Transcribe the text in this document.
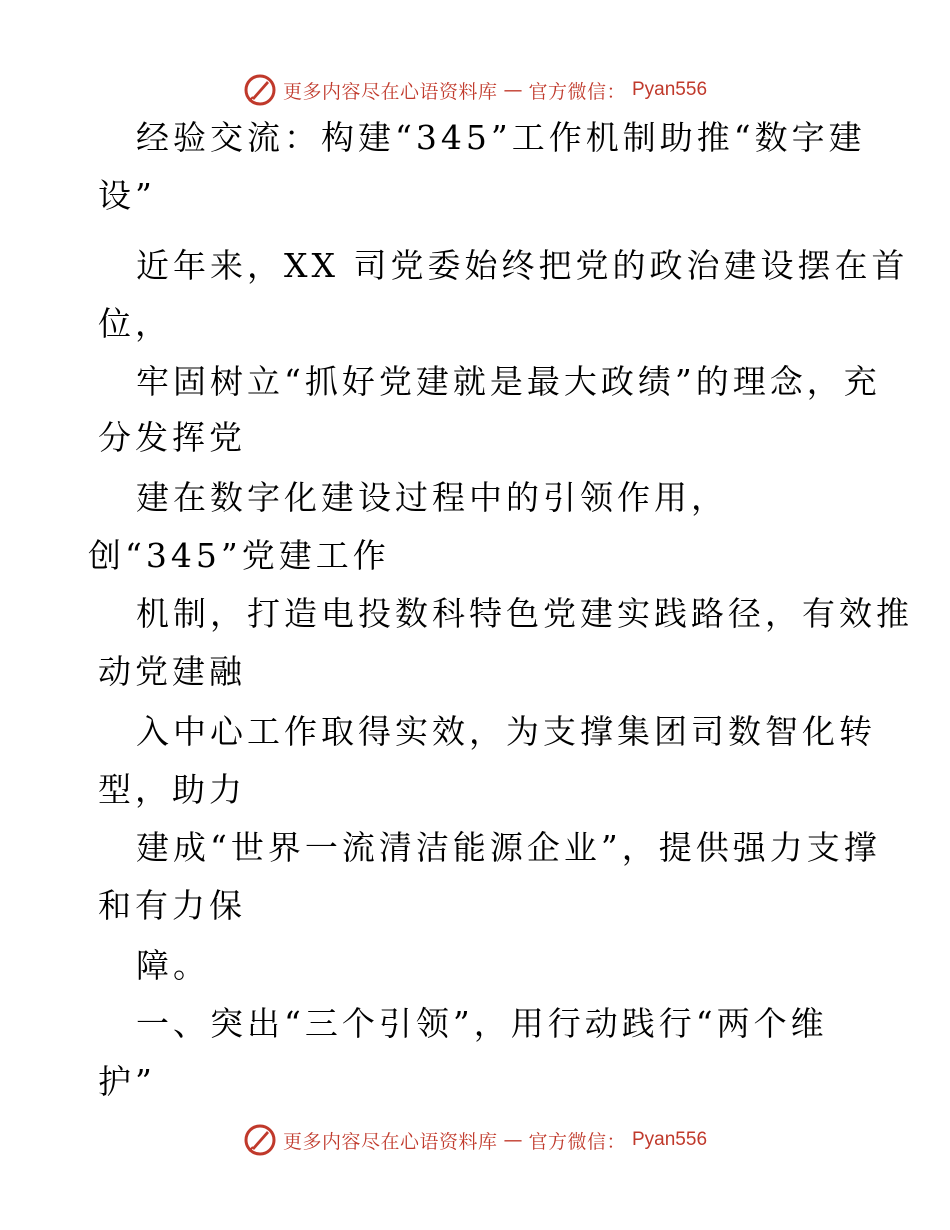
更多内容尽在心语资料库 — 官方微信： Pyan556
经验交流：构建“345”工作机制助推“数字建
设”
近年来，XX 司党委始终把党的政治建设摆在首
位，
牢固树立“抓好党建就是最大政绩”的理念，充
分发挥党
建在数字化建设过程中的引领作用，
创“345”党建工作
机制，打造电投数科特色党建实践路径，有效推
动党建融
入中心工作取得实效，为支撑集团司数智化转
型，助力
建成“世界一流清洁能源企业”，提供强力支撑
和有力保
障。
一、突出“三个引领”，用行动践行“两个维
护”
更多内容尽在心语资料库 — 官方微信： Pyan556
